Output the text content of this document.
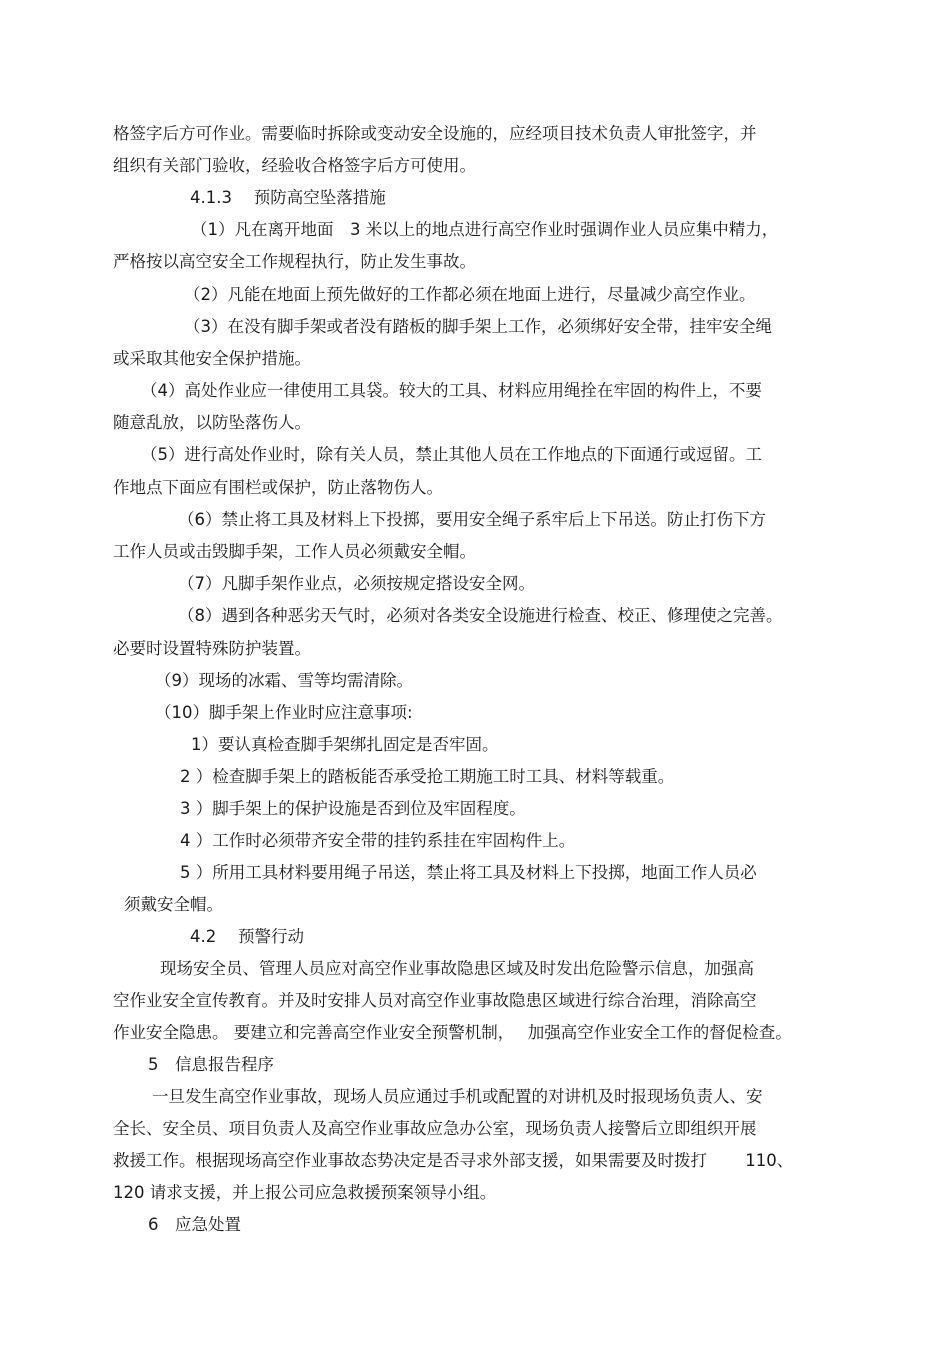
格签字后方可作业。需要临时拆除或变动安全设施的，应经项目技术负责人审批签字，并
组织有关部门验收，经验收合格签字后方可使用。
4.1.3　 预防高空坠落措施
（1）凡在离开地面　3 米以上的地点进行高空作业时强调作业人员应集中精力，
严格按以高空安全工作规程执行，防止发生事故。
（2）凡能在地面上预先做好的工作都必须在地面上进行，尽量减少高空作业。
（3）在没有脚手架或者没有踏板的脚手架上工作，必须绑好安全带，挂牢安全绳
或采取其他安全保护措施。
（4）高处作业应一律使用工具袋。较大的工具、材料应用绳拴在牢固的构件上，不要
随意乱放，以防坠落伤人。
（5）进行高处作业时，除有关人员，禁止其他人员在工作地点的下面通行或逗留。工
作地点下面应有围栏或保护，防止落物伤人。
（6）禁止将工具及材料上下投掷，要用安全绳子系牢后上下吊送。防止打伤下方
工作人员或击毁脚手架，工作人员必须戴安全帽。
（7）凡脚手架作业点，必须按规定搭设安全网。
（8）遇到各种恶劣天气时，必须对各类安全设施进行检查、校正、修理使之完善。
必要时设置特殊防护装置。
（9）现场的冰霜、雪等均需清除。
（10）脚手架上作业时应注意事项:
1）要认真检查脚手架绑扎固定是否牢固。
2 ）检查脚手架上的踏板能否承受抢工期施工时工具、材料等载重。
3 ）脚手架上的保护设施是否到位及牢固程度。
4 ）工作时必须带齐安全带的挂钓系挂在牢固构件上。
5 ）所用工具材料要用绳子吊送，禁止将工具及材料上下投掷，地面工作人员必
须戴安全帽。
4.2　 预警行动
现场安全员、管理人员应对高空作业事故隐患区域及时发出危险警示信息，加强高
空作业安全宣传教育。并及时安排人员对高空作业事故隐患区域进行综合治理，消除高空
作业安全隐患。 要建立和完善高空作业安全预警机制，　 加强高空作业安全工作的督促检查。
5　信息报告程序
一旦发生高空作业事故，现场人员应通过手机或配置的对讲机及时报现场负责人、安
全长、安全员、项目负责人及高空作业事故应急办公室，现场负责人接警后立即组织开展
救援工作。根据现场高空作业事故态势决定是否寻求外部支援，如果需要及时拨打　　 110、
120 请求支援，并上报公司应急救援预案领导小组。
6　应急处置
